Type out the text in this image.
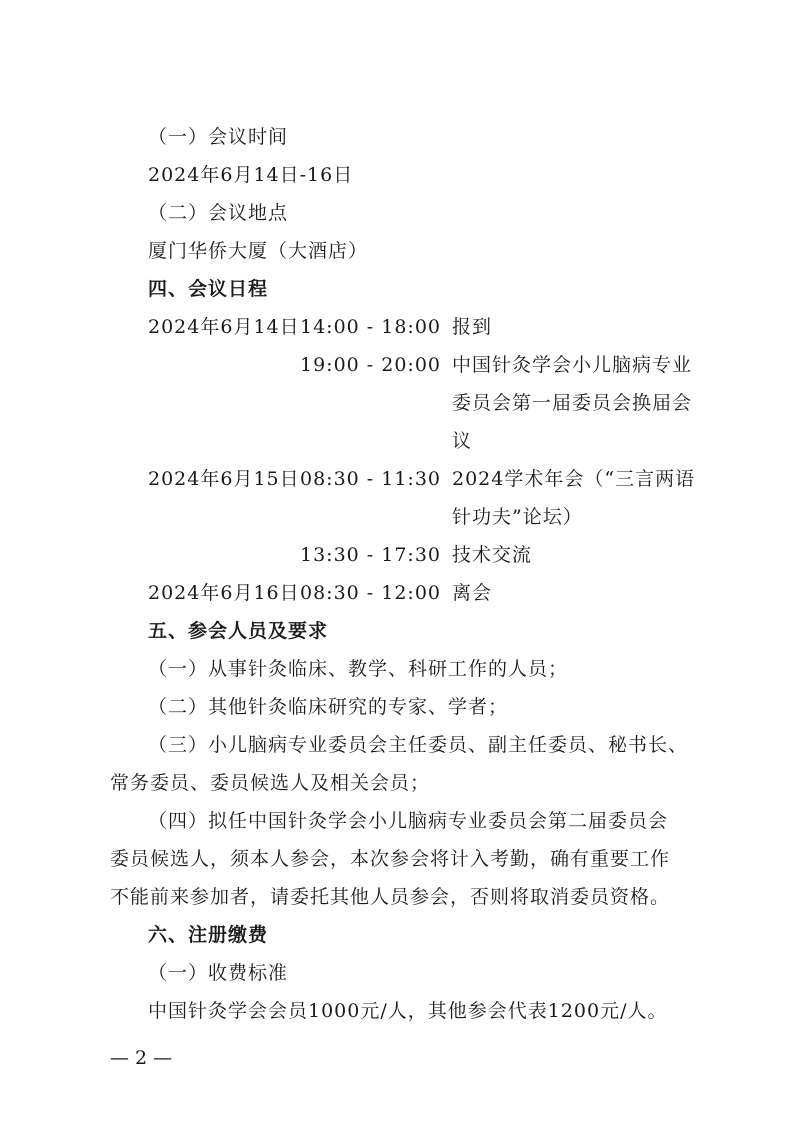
（一）会议时间
2024年6月14日-16日
（二）会议地点
厦门华侨大厦（大酒店）
四、会议日程
2024年6月14日 14:00 - 18:00 报到
19:00 - 20:00 中国针灸学会小儿脑病专业
委员会第一届委员会换届会
议
2024年6月15日 08:30 - 11:30 2024学术年会（“三言两语
针功夫”论坛）
13:30 - 17:30 技术交流
2024年6月16日 08:30 - 12:00 离会
五、参会人员及要求
（一）从事针灸临床、教学、科研工作的人员；
（二）其他针灸临床研究的专家、学者；
（三）小儿脑病专业委员会主任委员、副主任委员、秘书长、
常务委员、委员候选人及相关会员；
（四）拟任中国针灸学会小儿脑病专业委员会第二届委员会
委员候选人，须本人参会，本次参会将计入考勤，确有重要工作
不能前来参加者，请委托其他人员参会，否则将取消委员资格。
六、注册缴费
（一）收费标准
中国针灸学会会员1000元/人，其他参会代表1200元/人。
— 2 —
